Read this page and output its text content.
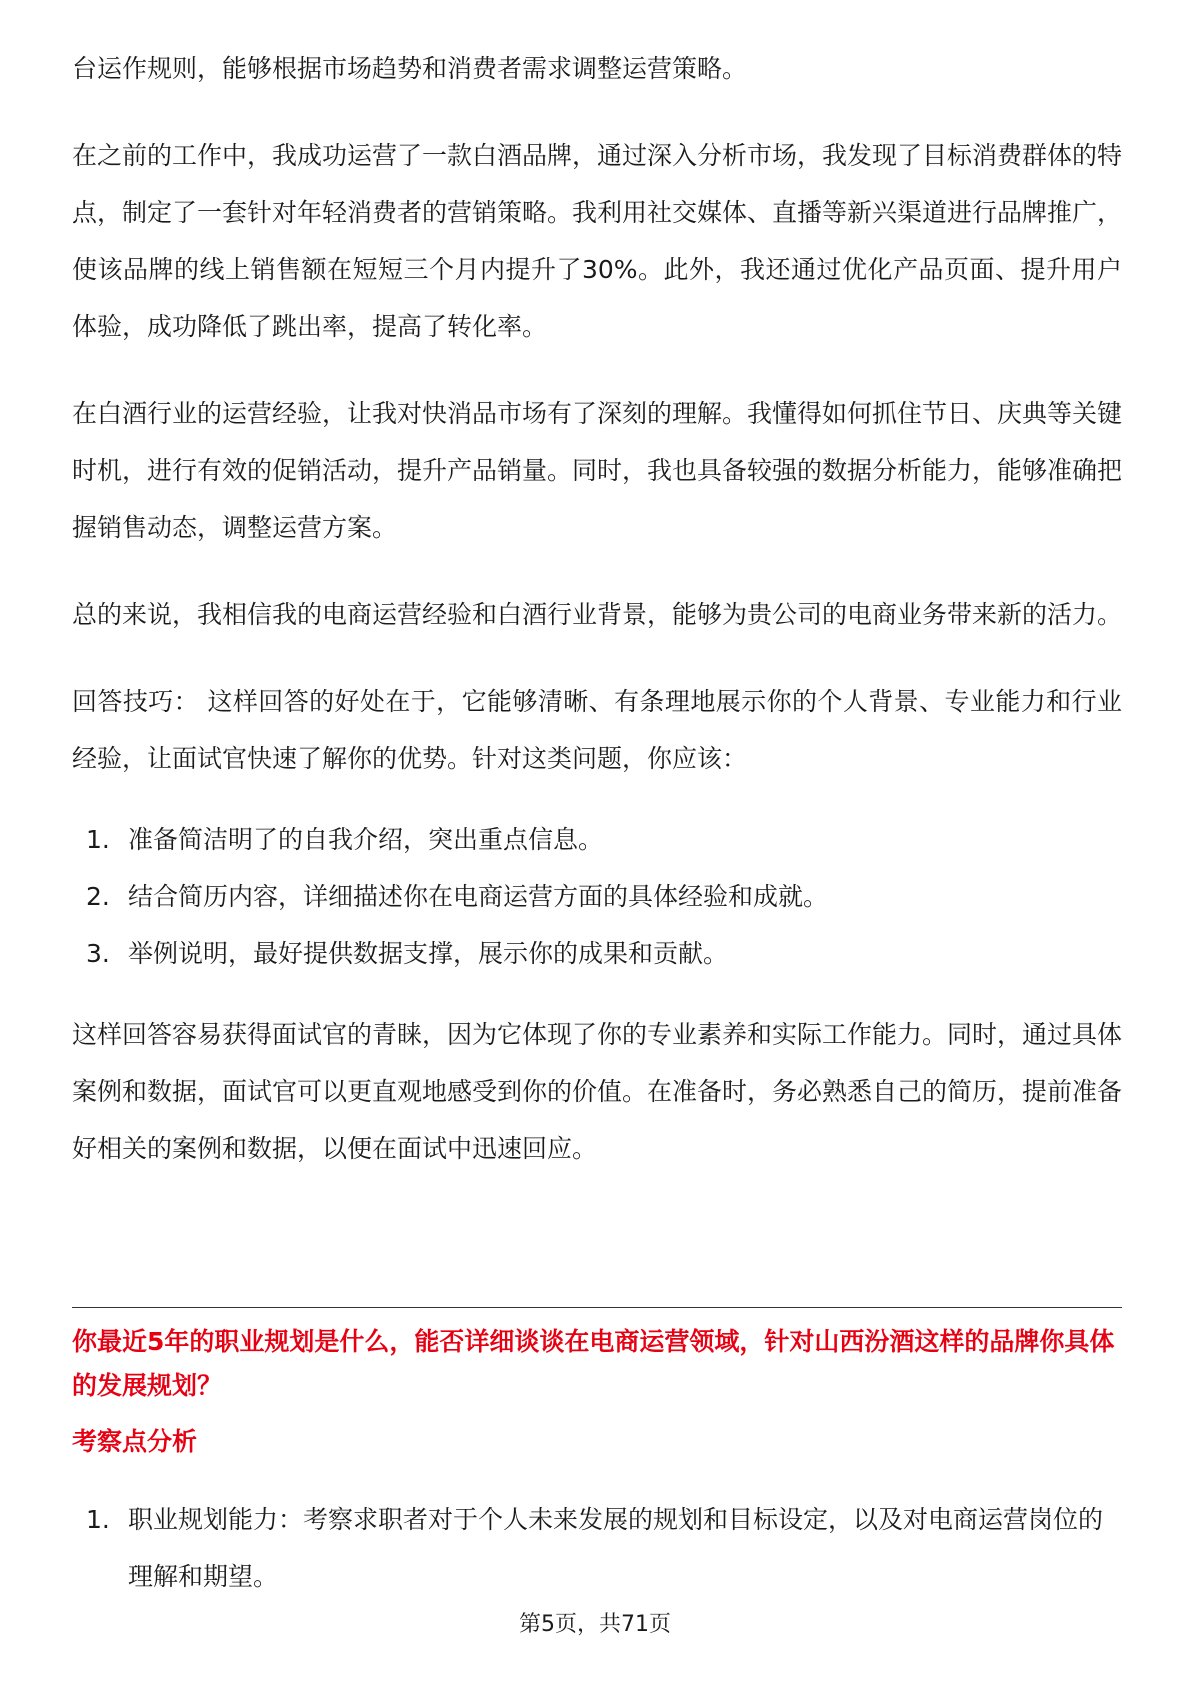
台运作规则，能够根据市场趋势和消费者需求调整运营策略。

在之前的工作中，我成功运营了一款白酒品牌，通过深入分析市场，我发现了目标消费群体的特点，制定了一套针对年轻消费者的营销策略。我利用社交媒体、直播等新兴渠道进行品牌推广，使该品牌的线上销售额在短短三个月内提升了30%。此外，我还通过优化产品页面、提升用户体验，成功降低了跳出率，提高了转化率。

在白酒行业的运营经验，让我对快消品市场有了深刻的理解。我懂得如何抓住节日、庆典等关键时机，进行有效的促销活动，提升产品销量。同时，我也具备较强的数据分析能力，能够准确把握销售动态，调整运营方案。

总的来说，我相信我的电商运营经验和白酒行业背景，能够为贵公司的电商业务带来新的活力。

回答技巧： 这样回答的好处在于，它能够清晰、有条理地展示你的个人背景、专业能力和行业经验，让面试官快速了解你的优势。针对这类问题，你应该：

1. 准备简洁明了的自我介绍，突出重点信息。
2. 结合简历内容，详细描述你在电商运营方面的具体经验和成就。
3. 举例说明，最好提供数据支撑，展示你的成果和贡献。

这样回答容易获得面试官的青睐，因为它体现了你的专业素养和实际工作能力。同时，通过具体案例和数据，面试官可以更直观地感受到你的价值。在准备时，务必熟悉自己的简历，提前准备好相关的案例和数据，以便在面试中迅速回应。

你最近5年的职业规划是什么，能否详细谈谈在电商运营领域，针对山西汾酒这样的品牌你具体的发展规划？
考察点分析
1. 职业规划能力：考察求职者对于个人未来发展的规划和目标设定，以及对电商运营岗位的理解和期望。
第5页，共71页
